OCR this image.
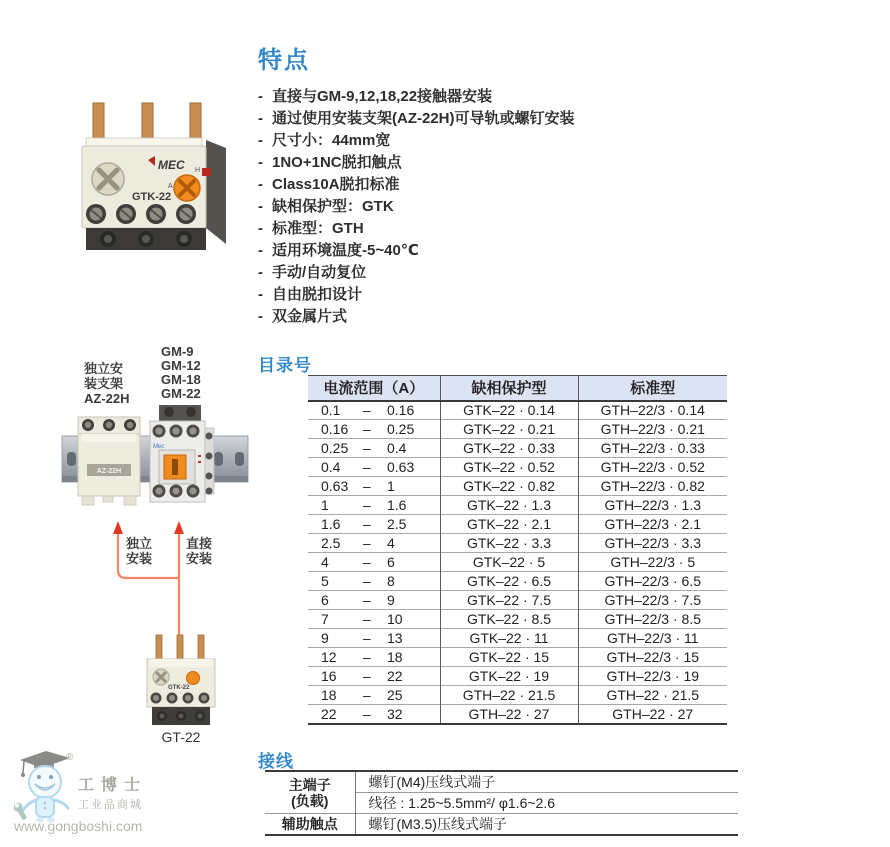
MEC
GTK-22
H
A
特点
- 直接与GM-9,12,18,22接触器安装
- 通过使用安装支架(AZ-22H)可导轨或螺钉安装
- 尺寸小：44mm宽
- 1NO+1NC脱扣触点
- Class10A脱扣标准
- 缺相保护型：GTK
- 标准型：GTH
- 适用环境温度-5~40℃
- 手动/自动复位
- 自由脱扣设计
- 双金属片式
AZ-22H
Mec
GTK-22
GT-22
独立安
装支架
AZ-22H
GM-9
GM-12
GM-18
GM-22
独立
安装
直接
安装
目录号
电流范围（A）	缺相保护型	标准型
0.1 – 0.16	GTK–22 · 0.14	GTH–22/3 · 0.14
0.16 – 0.25	GTK–22 · 0.21	GTH–22/3 · 0.21
0.25 – 0.4	GTK–22 · 0.33	GTH–22/3 · 0.33
0.4 – 0.63	GTK–22 · 0.52	GTH–22/3 · 0.52
0.63 – 1	GTK–22 · 0.82	GTH–22/3 · 0.82
1 – 1.6	GTK–22 · 1.3	GTH–22/3 · 1.3
1.6 – 2.5	GTK–22 · 2.1	GTH–22/3 · 2.1
2.5 – 4	GTK–22 · 3.3	GTH–22/3 · 3.3
4 – 6	GTK–22 · 5	GTH–22/3 · 5
5 – 8	GTK–22 · 6.5	GTH–22/3 · 6.5
6 – 9	GTK–22 · 7.5	GTH–22/3 · 7.5
7 – 10	GTK–22 · 8.5	GTH–22/3 · 8.5
9 – 13	GTK–22 · 11	GTH–22/3 · 11
12 – 18	GTK–22 · 15	GTH–22/3 · 15
16 – 22	GTK–22 · 19	GTH–22/3 · 19
18 – 25	GTH–22 · 21.5	GTH–22 · 21.5
22 – 32	GTH–22 · 27	GTH–22 · 27
接线
主端子
(负载)	螺钉(M4)压线式端子
	线径 : 1.25~5.5mm²/ φ1.6~2.6
辅助触点	螺钉(M3.5)压线式端子
®
工博士
工业品商城
www.gongboshi.com
